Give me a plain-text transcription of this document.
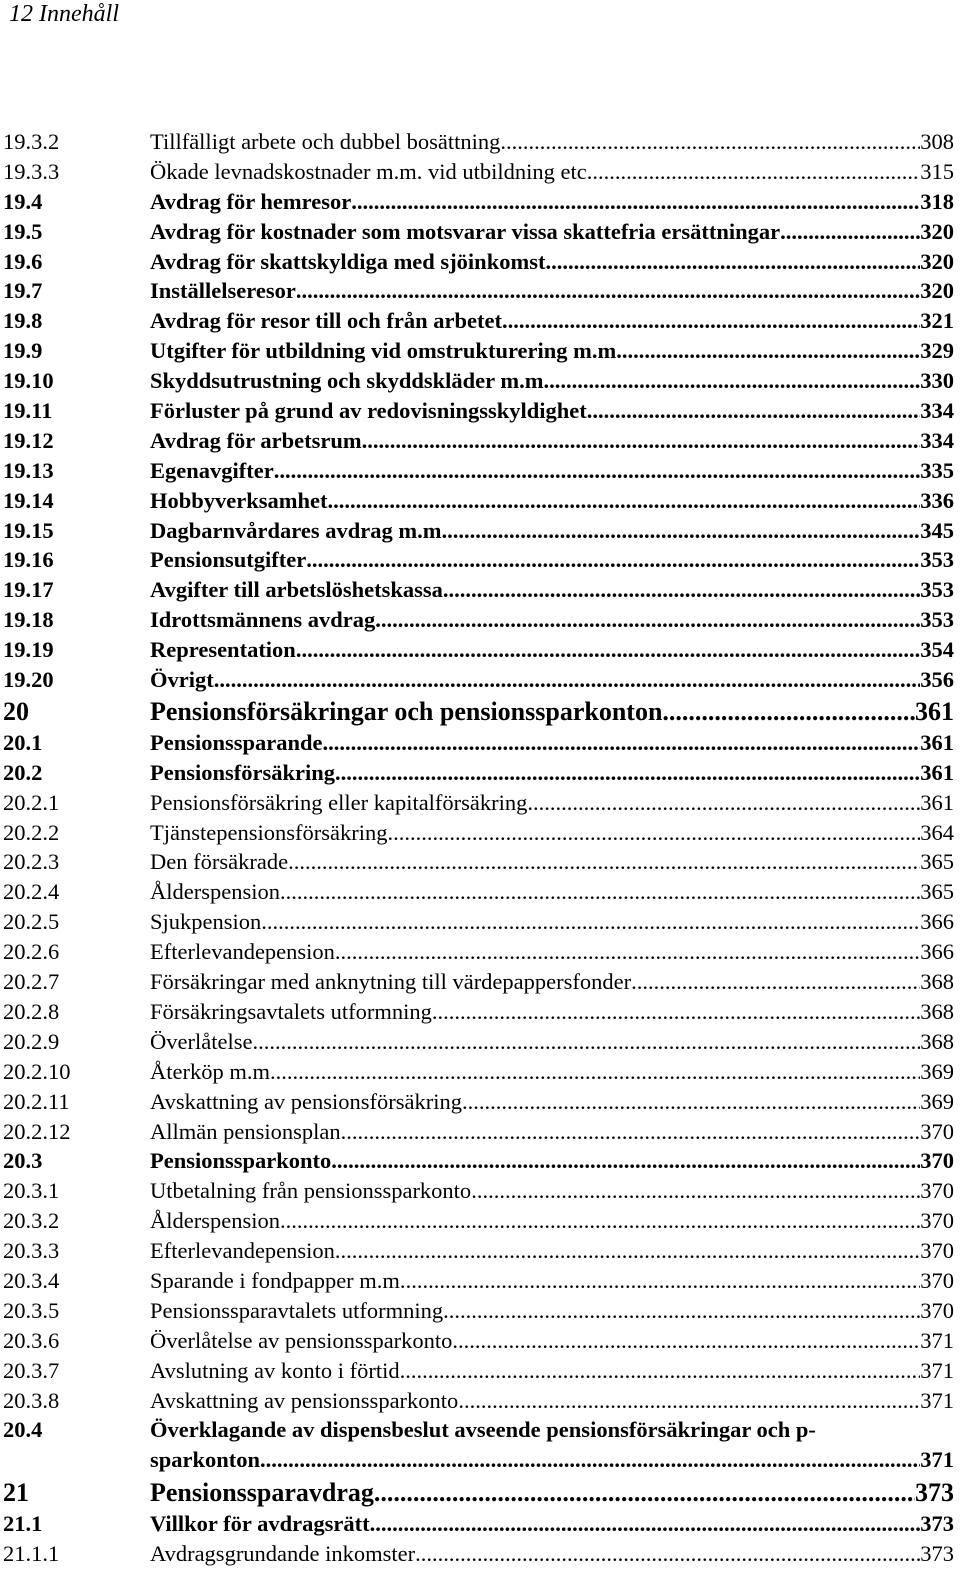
12 Innehåll
19.3.2	Tillfälligt arbete och dubbel bosättning .....	308
19.3.3	Ökade levnadskostnader m.m. vid utbildning etc. .....	315
19.4	Avdrag för hemresor .....	318
19.5	Avdrag för kostnader som motsvarar vissa skattefria ersättningar .....	320
19.6	Avdrag för skattskyldiga med sjöinkomst .....	320
19.7	Inställelseresor .....	320
19.8	Avdrag för resor till och från arbetet .....	321
19.9	Utgifter för utbildning vid omstrukturering m.m. .....	329
19.10	Skyddsutrustning och skyddskläder m.m. .....	330
19.11	Förluster på grund av redovisningsskyldighet .....	334
19.12	Avdrag för arbetsrum .....	334
19.13	Egenavgifter .....	335
19.14	Hobbyverksamhet .....	336
19.15	Dagbarnvårdares avdrag m.m. .....	345
19.16	Pensionsutgifter .....	353
19.17	Avgifter till arbetslöshetskassa .....	353
19.18	Idrottsmännens avdrag .....	353
19.19	Representation .....	354
19.20	Övrigt .....	356
20	Pensionsförsäkringar och pensionssparkonton .....	361
20.1	Pensionssparande .....	361
20.2	Pensionsförsäkring .....	361
20.2.1	Pensionsförsäkring eller kapitalförsäkring .....	361
20.2.2	Tjänstepensionsförsäkring .....	364
20.2.3	Den försäkrade .....	365
20.2.4	Ålderspension .....	365
20.2.5	Sjukpension .....	366
20.2.6	Efterlevandepension .....	366
20.2.7	Försäkringar med anknytning till värdepappersfonder .....	368
20.2.8	Försäkringsavtalets utformning .....	368
20.2.9	Överlåtelse .....	368
20.2.10	Återköp m.m. .....	369
20.2.11	Avskattning av pensionsförsäkring .....	369
20.2.12	Allmän pensionsplan .....	370
20.3	Pensionssparkonto .....	370
20.3.1	Utbetalning från pensionssparkonto .....	370
20.3.2	Ålderspension .....	370
20.3.3	Efterlevandepension .....	370
20.3.4	Sparande i fondpapper m.m. .....	370
20.3.5	Pensionssparavtalets utformning .....	370
20.3.6	Överlåtelse av pensionssparkonto .....	371
20.3.7	Avslutning av konto i förtid .....	371
20.3.8	Avskattning av pensionssparkonto .....	371
20.4	Överklagande av dispensbeslut avseende pensionsförsäkringar och p-
sparkonton .....	371
21	Pensionssparavdrag .....	373
21.1	Villkor för avdragsrätt .....	373
21.1.1	Avdragsgrundande inkomster .....	373
